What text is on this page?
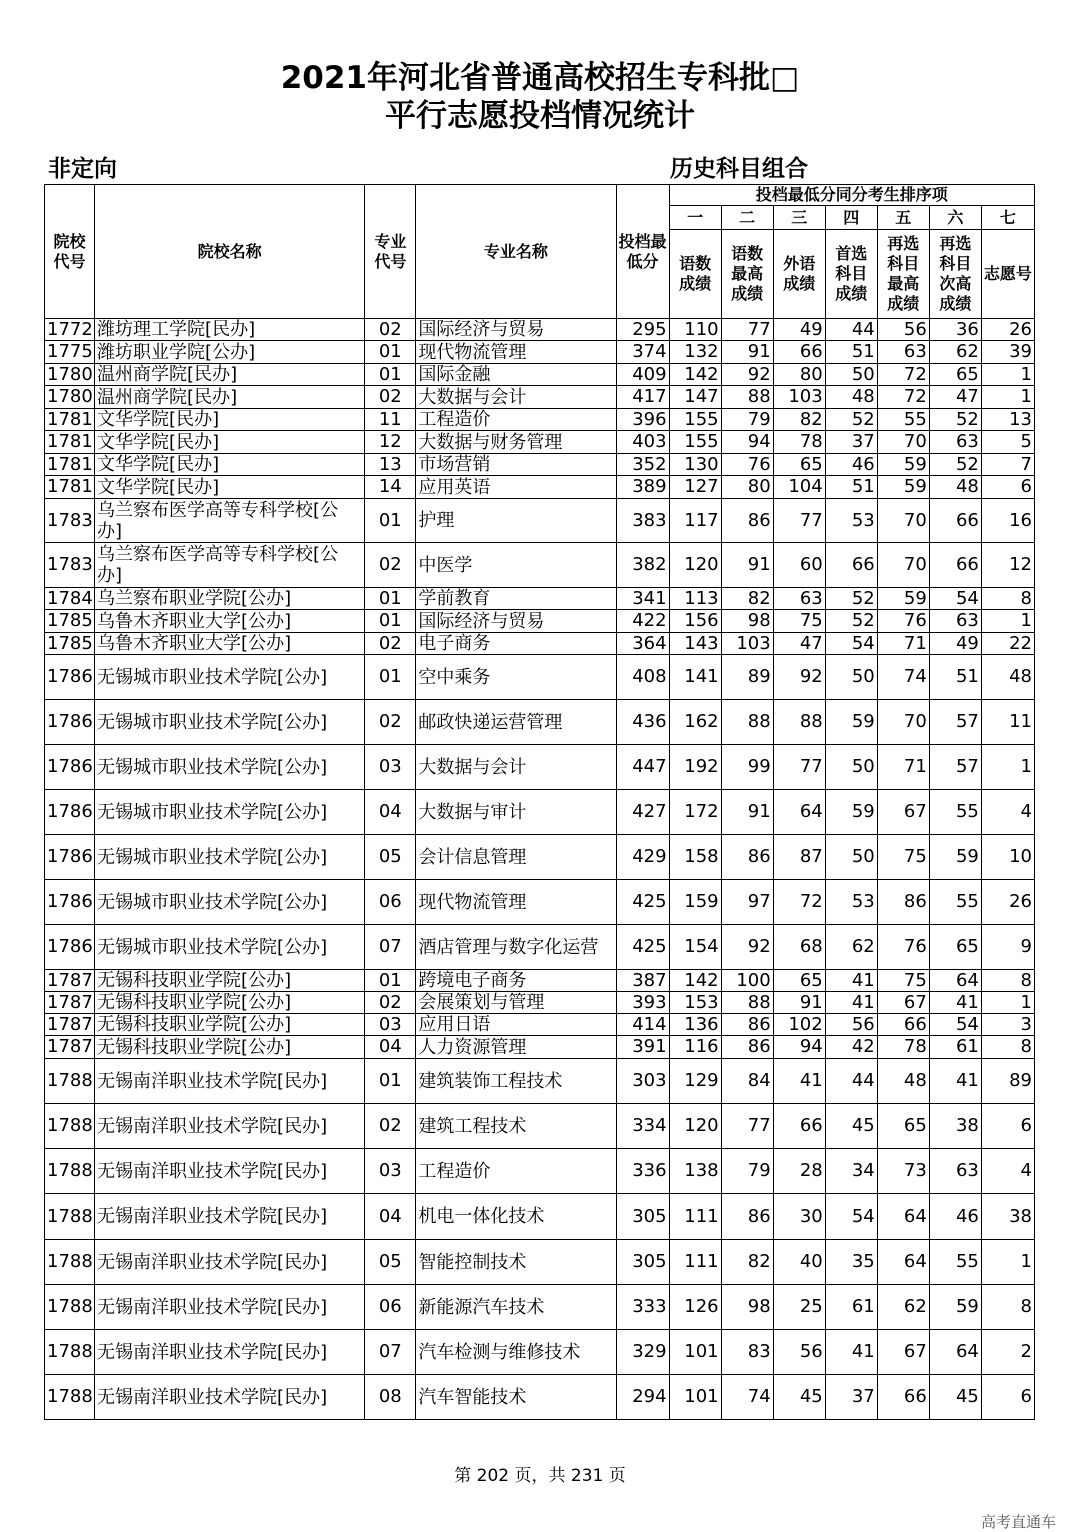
2021年河北省普通高校招生专科批□
平行志愿投档情况统计
非定向	历史科目组合
院校代号	院校名称	专业代号	专业名称	投档最低分	投档最低分同分考生排序项						
					一	二	三	四	五	六	七
					语数成绩	语数最高成绩	外语成绩	首选科目成绩	再选科目最高成绩	再选科目次高成绩	志愿号
1772	潍坊理工学院[民办]	02	国际经济与贸易	295	110	77	49	44	56	36	26
1775	潍坊职业学院[公办]	01	现代物流管理	374	132	91	66	51	63	62	39
1780	温州商学院[民办]	01	国际金融	409	142	92	80	50	72	65	1
1780	温州商学院[民办]	02	大数据与会计	417	147	88	103	48	72	47	1
1781	文华学院[民办]	11	工程造价	396	155	79	82	52	55	52	13
1781	文华学院[民办]	12	大数据与财务管理	403	155	94	78	37	70	63	5
1781	文华学院[民办]	13	市场营销	352	130	76	65	46	59	52	7
1781	文华学院[民办]	14	应用英语	389	127	80	104	51	59	48	6
1783	乌兰察布医学高等专科学校[公办]	01	护理	383	117	86	77	53	70	66	16
1783	乌兰察布医学高等专科学校[公办]	02	中医学	382	120	91	60	66	70	66	12
1784	乌兰察布职业学院[公办]	01	学前教育	341	113	82	63	52	59	54	8
1785	乌鲁木齐职业大学[公办]	01	国际经济与贸易	422	156	98	75	52	76	63	1
1785	乌鲁木齐职业大学[公办]	02	电子商务	364	143	103	47	54	71	49	22
1786	无锡城市职业技术学院[公办]	01	空中乘务	408	141	89	92	50	74	51	48
1786	无锡城市职业技术学院[公办]	02	邮政快递运营管理	436	162	88	88	59	70	57	11
1786	无锡城市职业技术学院[公办]	03	大数据与会计	447	192	99	77	50	71	57	1
1786	无锡城市职业技术学院[公办]	04	大数据与审计	427	172	91	64	59	67	55	4
1786	无锡城市职业技术学院[公办]	05	会计信息管理	429	158	86	87	50	75	59	10
1786	无锡城市职业技术学院[公办]	06	现代物流管理	425	159	97	72	53	86	55	26
1786	无锡城市职业技术学院[公办]	07	酒店管理与数字化运营	425	154	92	68	62	76	65	9
1787	无锡科技职业学院[公办]	01	跨境电子商务	387	142	100	65	41	75	64	8
1787	无锡科技职业学院[公办]	02	会展策划与管理	393	153	88	91	41	67	41	1
1787	无锡科技职业学院[公办]	03	应用日语	414	136	86	102	56	66	54	3
1787	无锡科技职业学院[公办]	04	人力资源管理	391	116	86	94	42	78	61	8
1788	无锡南洋职业技术学院[民办]	01	建筑装饰工程技术	303	129	84	41	44	48	41	89
1788	无锡南洋职业技术学院[民办]	02	建筑工程技术	334	120	77	66	45	65	38	6
1788	无锡南洋职业技术学院[民办]	03	工程造价	336	138	79	28	34	73	63	4
1788	无锡南洋职业技术学院[民办]	04	机电一体化技术	305	111	86	30	54	64	46	38
1788	无锡南洋职业技术学院[民办]	05	智能控制技术	305	111	82	40	35	64	55	1
1788	无锡南洋职业技术学院[民办]	06	新能源汽车技术	333	126	98	25	61	62	59	8
1788	无锡南洋职业技术学院[民办]	07	汽车检测与维修技术	329	101	83	56	41	67	64	2
1788	无锡南洋职业技术学院[民办]	08	汽车智能技术	294	101	74	45	37	66	45	6
第 202 页，共 231 页
高考直通车
